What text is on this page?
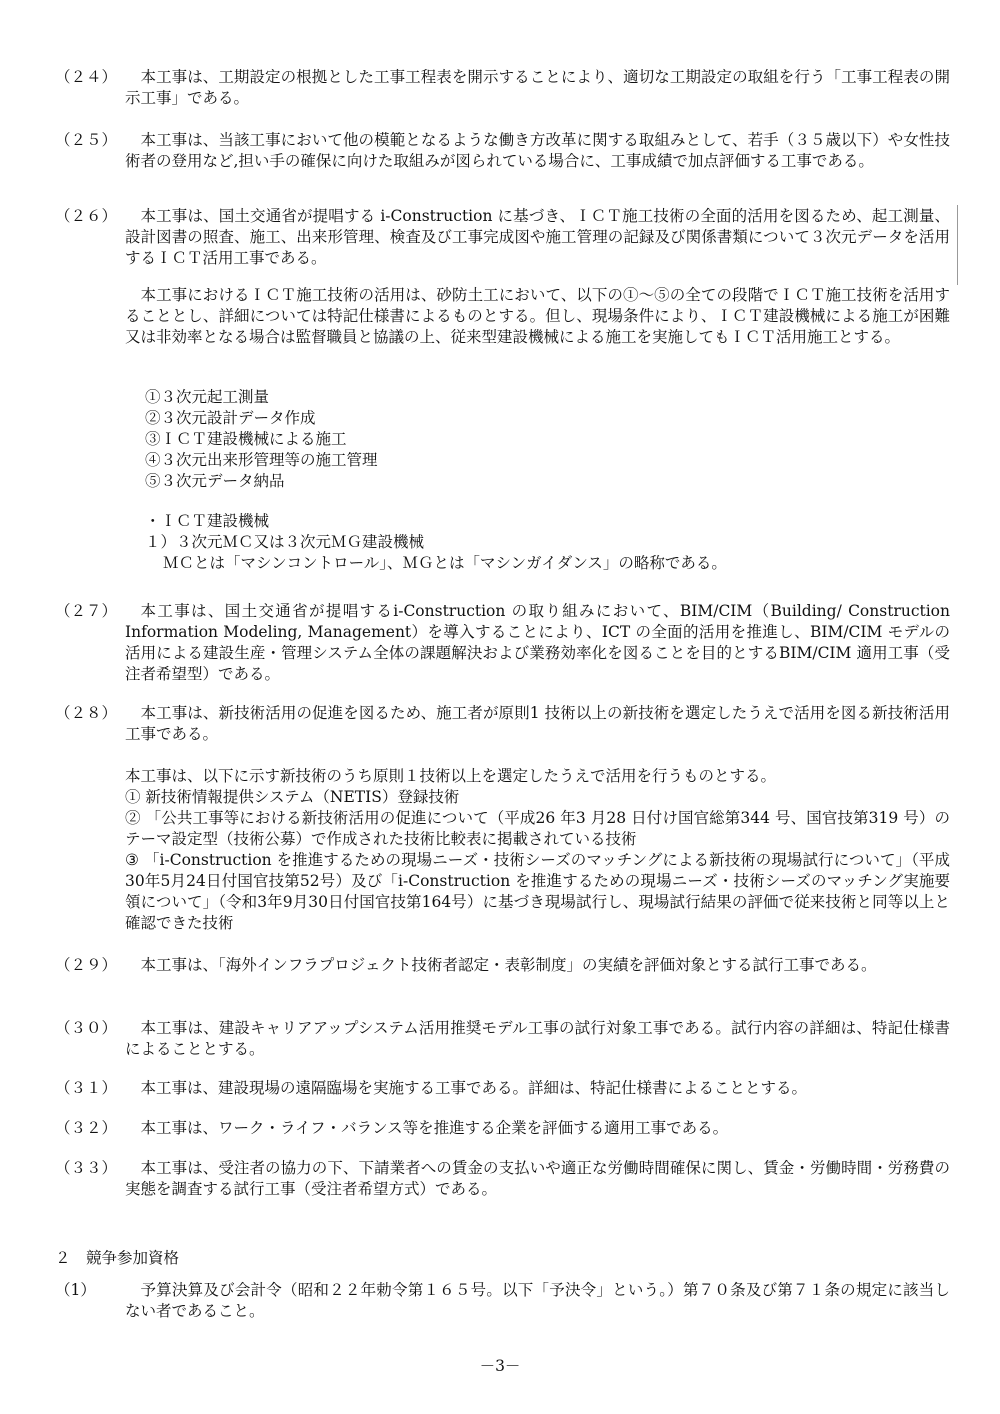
（２４）	本工事は、工期設定の根拠とした工事工程表を開示することにより、適切な工期設定の取組を行う「工事工程表の開示工事」である。
（２５）	本工事は、当該工事において他の模範となるような働き方改革に関する取組みとして、若手（３５歳以下）や女性技術者の登用など,担い手の確保に向けた取組みが図られている場合に、工事成績で加点評価する工事である。
（２６）	本工事は、国土交通省が提唱する i-Construction に基づき、ＩＣＴ施工技術の全面的活用を図るため、起工測量、設計図書の照査、施工、出来形管理、検査及び工事完成図や施工管理の記録及び関係書類について３次元データを活用するＩＣＴ活用工事である。
本工事におけるＩＣＴ施工技術の活用は、砂防土工において、以下の①～⑤の全ての段階でＩＣＴ施工技術を活用することとし、詳細については特記仕様書によるものとする。但し、現場条件により、ＩＣＴ建設機械による施工が困難又は非効率となる場合は監督職員と協議の上、従来型建設機械による施工を実施してもＩＣＴ活用施工とする。
①３次元起工測量
②３次元設計データ作成
③ＩＣＴ建設機械による施工
④３次元出来形管理等の施工管理
⑤３次元データ納品
・ＩＣＴ建設機械
１）３次元ＭＣ又は３次元ＭＧ建設機械
ＭＣとは「マシンコントロール」、ＭＧとは「マシンガイダンス」の略称である。
（２７）	本工事は、国土交通省が提唱するi-Construction の取り組みにおいて、BIM/CIM（Building/ Construction Information Modeling, Management）を導入することにより、ICT の全面的活用を推進し、BIM/CIM モデルの活用による建設生産・管理システム全体の課題解決および業務効率化を図ることを目的とするBIM/CIM 適用工事（受注者希望型）である。
（２８）	本工事は、新技術活用の促進を図るため、施工者が原則1 技術以上の新技術を選定したうえで活用を図る新技術活用工事である。
本工事は、以下に示す新技術のうち原則１技術以上を選定したうえで活用を行うものとする。
① 新技術情報提供システム（NETIS）登録技術
② 「公共工事等における新技術活用の促進について（平成26 年3 月28 日付け国官総第344 号、国官技第319 号）のテーマ設定型（技術公募）で作成された技術比較表に掲載されている技術
③ 「i-Construction を推進するための現場ニーズ・技術シーズのマッチングによる新技術の現場試行について」（平成30年5月24日付国官技第52号）及び「i-Construction を推進するための現場ニーズ・技術シーズのマッチング実施要領について」（令和3年9月30日付国官技第164号）に基づき現場試行し、現場試行結果の評価で従来技術と同等以上と確認できた技術
（２９）	本工事は、「海外インフラプロジェクト技術者認定・表彰制度」の実績を評価対象とする試行工事である。
（３０）	本工事は、建設キャリアアップシステム活用推奨モデル工事の試行対象工事である。試行内容の詳細は、特記仕様書によることとする。
（３１）	本工事は、建設現場の遠隔臨場を実施する工事である。詳細は、特記仕様書によることとする。
（３２）	本工事は、ワーク・ライフ・バランス等を推進する企業を評価する適用工事である。
（３３）	本工事は、受注者の協力の下、下請業者への賃金の支払いや適正な労働時間確保に関し、賃金・労働時間・労務費の実態を調査する試行工事（受注者希望方式）である。
２　競争参加資格
（1）	予算決算及び会計令（昭和２２年勅令第１６５号。以下「予決令」という。）第７０条及び第７１条の規定に該当しない者であること。
－3－
